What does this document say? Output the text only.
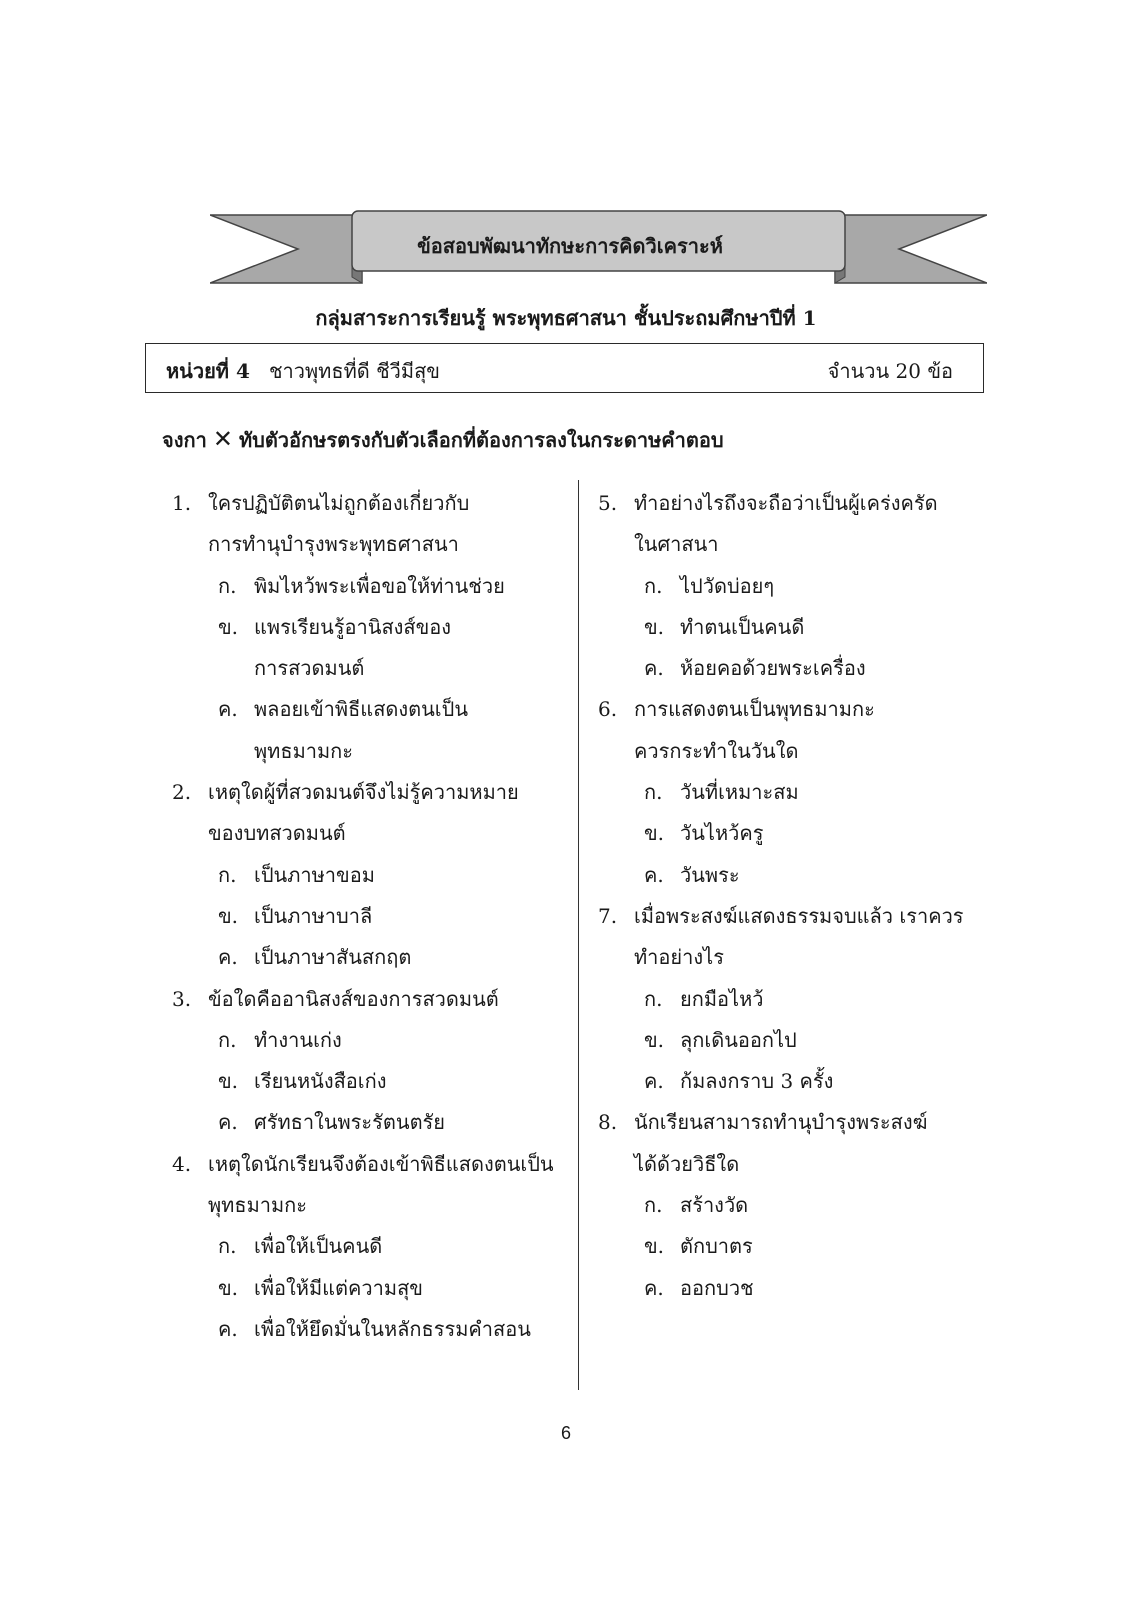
ข้อสอบพัฒนาทักษะการคิดวิเคราะห์
กลุ่มสาระการเรียนรู้ พระพุทธศาสนา ชั้นประถมศึกษาปีที่ 1
หน่วยที่ 4 ชาวพุทธที่ดี ชีวีมีสุข	จำนวน 20 ข้อ
จงกา ✕ ทับตัวอักษรตรงกับตัวเลือกที่ต้องการลงในกระดาษคำตอบ
1. ใครปฏิบัติตนไม่ถูกต้องเกี่ยวกับ
การทำนุบำรุงพระพุทธศาสนา
ก. พิมไหว้พระเพื่อขอให้ท่านช่วย
ข. แพรเรียนรู้อานิสงส์ของ
การสวดมนต์
ค. พลอยเข้าพิธีแสดงตนเป็น
พุทธมามกะ
2. เหตุใดผู้ที่สวดมนต์จึงไม่รู้ความหมาย
ของบทสวดมนต์
ก. เป็นภาษาขอม
ข. เป็นภาษาบาลี
ค. เป็นภาษาสันสกฤต
3. ข้อใดคืออานิสงส์ของการสวดมนต์
ก. ทำงานเก่ง
ข. เรียนหนังสือเก่ง
ค. ศรัทธาในพระรัตนตรัย
4. เหตุใดนักเรียนจึงต้องเข้าพิธีแสดงตนเป็น
พุทธมามกะ
ก. เพื่อให้เป็นคนดี
ข. เพื่อให้มีแต่ความสุข
ค. เพื่อให้ยึดมั่นในหลักธรรมคำสอน
5. ทำอย่างไรถึงจะถือว่าเป็นผู้เคร่งครัด
ในศาสนา
ก. ไปวัดบ่อยๆ
ข. ทำตนเป็นคนดี
ค. ห้อยคอด้วยพระเครื่อง
6. การแสดงตนเป็นพุทธมามกะ
ควรกระทำในวันใด
ก. วันที่เหมาะสม
ข. วันไหว้ครู
ค. วันพระ
7. เมื่อพระสงฆ์แสดงธรรมจบแล้ว เราควร
ทำอย่างไร
ก. ยกมือไหว้
ข. ลุกเดินออกไป
ค. ก้มลงกราบ 3 ครั้ง
8. นักเรียนสามารถทำนุบำรุงพระสงฆ์
ได้ด้วยวิธีใด
ก. สร้างวัด
ข. ตักบาตร
ค. ออกบวช
6
